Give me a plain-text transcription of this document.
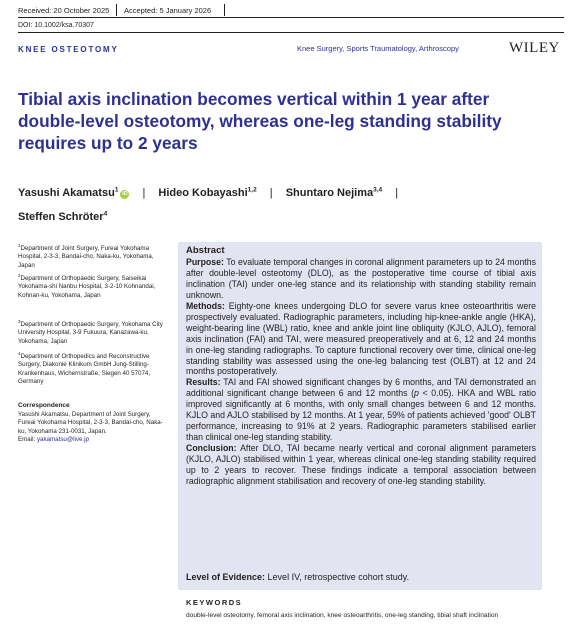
Received: 20 October 2025 Accepted: 5 January 2026
DOI: 10.1002/ksa.70307
KNEE OSTEOTOMY	Knee Surgery, Sports Traumatology, Arthroscopy	WILEY
Tibial axis inclination becomes vertical within 1 year after double-level osteotomy, whereas one-leg standing stability requires up to 2 years
Yasushi Akamatsu$^1$iD | Hideo Kobayashi$^{1,2}$ | Shuntaro Nejima$^{3,4}$ |
Steffen Schröter$^4$
$^1$Department of Joint Surgery, Fureai Yokohama Hospital, 2-3-3, Bandai-cho, Naka-ku, Yokohama, Japan
$^2$Department of Orthopaedic Surgery, Saiseikai Yokohama-shi Nanbu Hospital, 3-2-10 Kohnandai, Kohnan-ku, Yokohama, Japan
$^3$Department of Orthopaedic Surgery, Yokohama City University Hospital, 3-9 Fukuura, Kanazawa-ku, Yokohama, Japan
$^4$Department of Orthopedics and Reconstructive Surgery, Diakonie Klinikum GmbH Jung-Stilling-Krankenhaus, Wichernstraße, Siegen 40 57074, Germany
Correspondence
Yasushi Akamatsu, Department of Joint Surgery, Fureai Yokohama Hospital, 2-3-3, Bandai-cho, Naka-ku, Yokohama 231-0031, Japan.
Email: yakamatsu@live.jp

Abstract

Purpose: To evaluate temporal changes in coronal alignment parameters up to 24 months after double-level osteotomy (DLO), as the postoperative time course of tibial axis inclination (TAI) under one-leg stance and its relationship with standing stability remain unknown.

Methods: Eighty-one knees undergoing DLO for severe varus knee osteoarthritis were prospectively evaluated. Radiographic parameters, including hip-knee-ankle angle (HKA), weight-bearing line (WBL) ratio, knee and ankle joint line obliquity (KJLO, AJLO), femoral axis inclination (FAI) and TAI, were measured preoperatively and at 6, 12 and 24 months in one-leg standing radiographs. To capture functional recovery over time, clinical one-leg standing stability was assessed using the one-leg balancing test (OLBT) at 12 and 24 months postoperatively.

Results: TAI and FAI showed significant changes by 6 months, and TAI demonstrated an additional significant change between 6 and 12 months (p < 0.05). HKA and WBL ratio improved significantly at 6 months, with only small changes between 6 and 12 months. KJLO and AJLO stabilised by 12 months. At 1 year, 59% of patients achieved 'good' OLBT performance, increasing to 91% at 2 years. Radiographic parameters stabilised earlier than clinical one-leg standing stability.

Conclusion: After DLO, TAI became nearly vertical and coronal alignment parameters (KJLO, AJLO) stabilised within 1 year, whereas clinical one-leg standing stability required up to 2 years to recover. These findings indicate a temporal association between radiographic alignment stabilisation and recovery of one-leg standing stability.

Level of Evidence: Level IV, retrospective cohort study.
KEYWORDS
double-level osteotomy, femoral axis inclination, knee osteoarthritis, one-leg standing, tibial shaft inclination
